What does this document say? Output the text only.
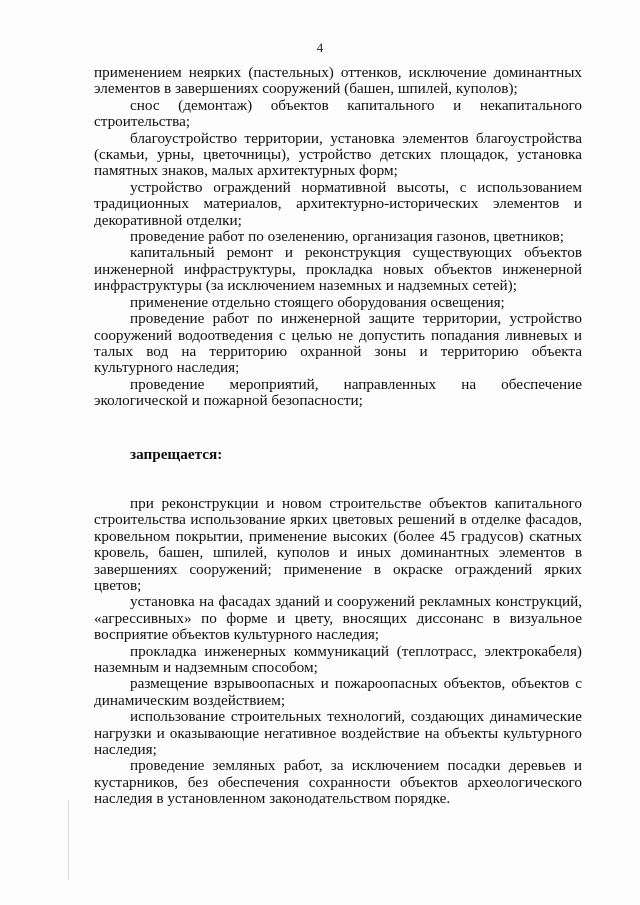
4

применением неярких (пастельных) оттенков, исключение доминантных элементов в завершениях сооружений (башен, шпилей, куполов);

снос (демонтаж) объектов капитального и некапитального строительства;

благоустройство территории, установка элементов благоустройства (скамьи, урны, цветочницы), устройство детских площадок, установка памятных знаков, малых архитектурных форм;

устройство ограждений нормативной высоты, с использованием традиционных материалов, архитектурно-исторических элементов и декоративной отделки;

проведение работ по озеленению, организация газонов, цветников;

капитальный ремонт и реконструкция существующих объектов инженерной инфраструктуры, прокладка новых объектов инженерной инфраструктуры (за исключением наземных и надземных сетей);

применение отдельно стоящего оборудования освещения;

проведение работ по инженерной защите территории, устройство сооружений водоотведения с целью не допустить попадания ливневых и талых вод на территорию охранной зоны и территорию объекта культурного наследия;

проведение мероприятий, направленных на обеспечение экологической и пожарной безопасности;

запрещается:

при реконструкции и новом строительстве объектов капитального строительства использование ярких цветовых решений в отделке фасадов, кровельном покрытии, применение высоких (более 45 градусов) скатных кровель, башен, шпилей, куполов и иных доминантных элементов в завершениях сооружений; применение в окраске ограждений ярких цветов;

установка на фасадах зданий и сооружений рекламных конструкций, «агрессивных» по форме и цвету, вносящих диссонанс в визуальное восприятие объектов культурного наследия;

прокладка инженерных коммуникаций (теплотрасс, электрокабеля) наземным и надземным способом;

размещение взрывоопасных и пожароопасных объектов, объектов с динамическим воздействием;

использование строительных технологий, создающих динамические нагрузки и оказывающие негативное воздействие на объекты культурного наследия;

проведение земляных работ, за исключением посадки деревьев и кустарников, без обеспечения сохранности объектов археологического наследия в установленном законодательством порядке.
